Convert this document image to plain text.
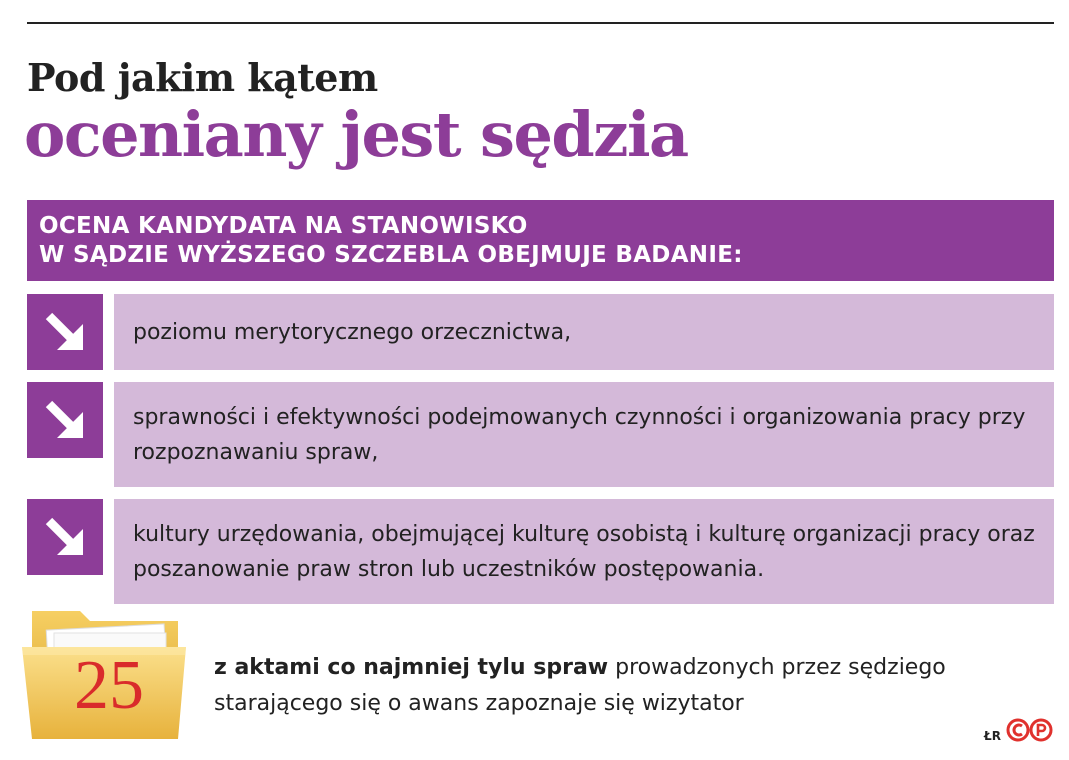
Pod jakim kątem
oceniany jest sędzia
OCENA KANDYDATA NA STANOWISKO
W SĄDZIE WYŻSZEGO SZCZEBLA OBEJMUJE BADANIE:
poziomu merytorycznego orzecznictwa,
sprawności i efektywności podejmowanych czynności i organizowania pracy przy rozpoznawaniu spraw,
kultury urzędowania, obejmującej kulturę osobistą i kulturę organizacji pracy oraz poszanowanie praw stron lub uczestników postępowania.
25	z aktami co najmniej tylu spraw prowadzonych przez sędziego starającego się o awans zapoznaje się wizytator
ŁR
